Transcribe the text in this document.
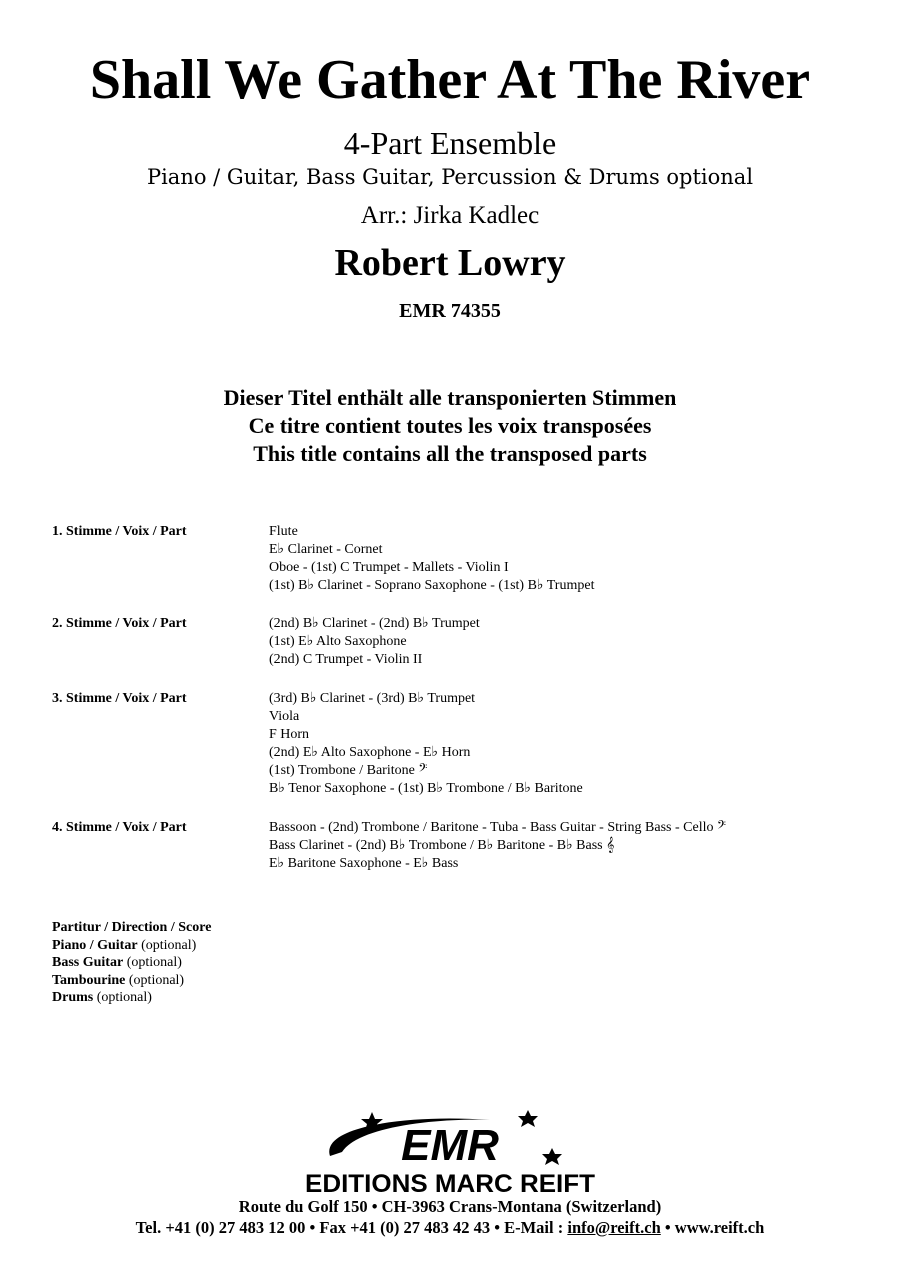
Shall We Gather At The River
4-Part Ensemble
Piano / Guitar, Bass Guitar, Percussion & Drums optional
Arr.: Jirka Kadlec
Robert Lowry
EMR 74355
Dieser Titel enthält alle transponierten Stimmen
Ce titre contient toutes les voix transposées
This title contains all the transposed parts
1. Stimme / Voix / Part	Flute
E♭ Clarinet - Cornet
Oboe - (1st) C Trumpet - Mallets - Violin I
(1st) B♭ Clarinet - Soprano Saxophone - (1st) B♭ Trumpet
2. Stimme / Voix / Part	(2nd) B♭ Clarinet - (2nd) B♭ Trumpet
(1st) E♭ Alto Saxophone
(2nd) C Trumpet - Violin II
3. Stimme / Voix / Part	(3rd) B♭ Clarinet - (3rd) B♭ Trumpet
Viola
F Horn
(2nd) E♭ Alto Saxophone - E♭ Horn
(1st) Trombone / Baritone 𝄢
B♭ Tenor Saxophone - (1st) B♭ Trombone / B♭ Baritone
4. Stimme / Voix / Part	Bassoon - (2nd) Trombone / Baritone - Tuba - Bass Guitar - String Bass - Cello 𝄢
Bass Clarinet - (2nd) B♭ Trombone / B♭ Baritone - B♭ Bass 𝄞
E♭ Baritone Saxophone - E♭ Bass
Partitur / Direction / Score
Piano / Guitar (optional)
Bass Guitar (optional)
Tambourine (optional)
Drums (optional)
EMR
EDITIONS MARC REIFT
Route du Golf 150 • CH-3963 Crans-Montana (Switzerland)
Tel. +41 (0) 27 483 12 00 • Fax +41 (0) 27 483 42 43 • E-Mail : info@reift.ch • www.reift.ch
